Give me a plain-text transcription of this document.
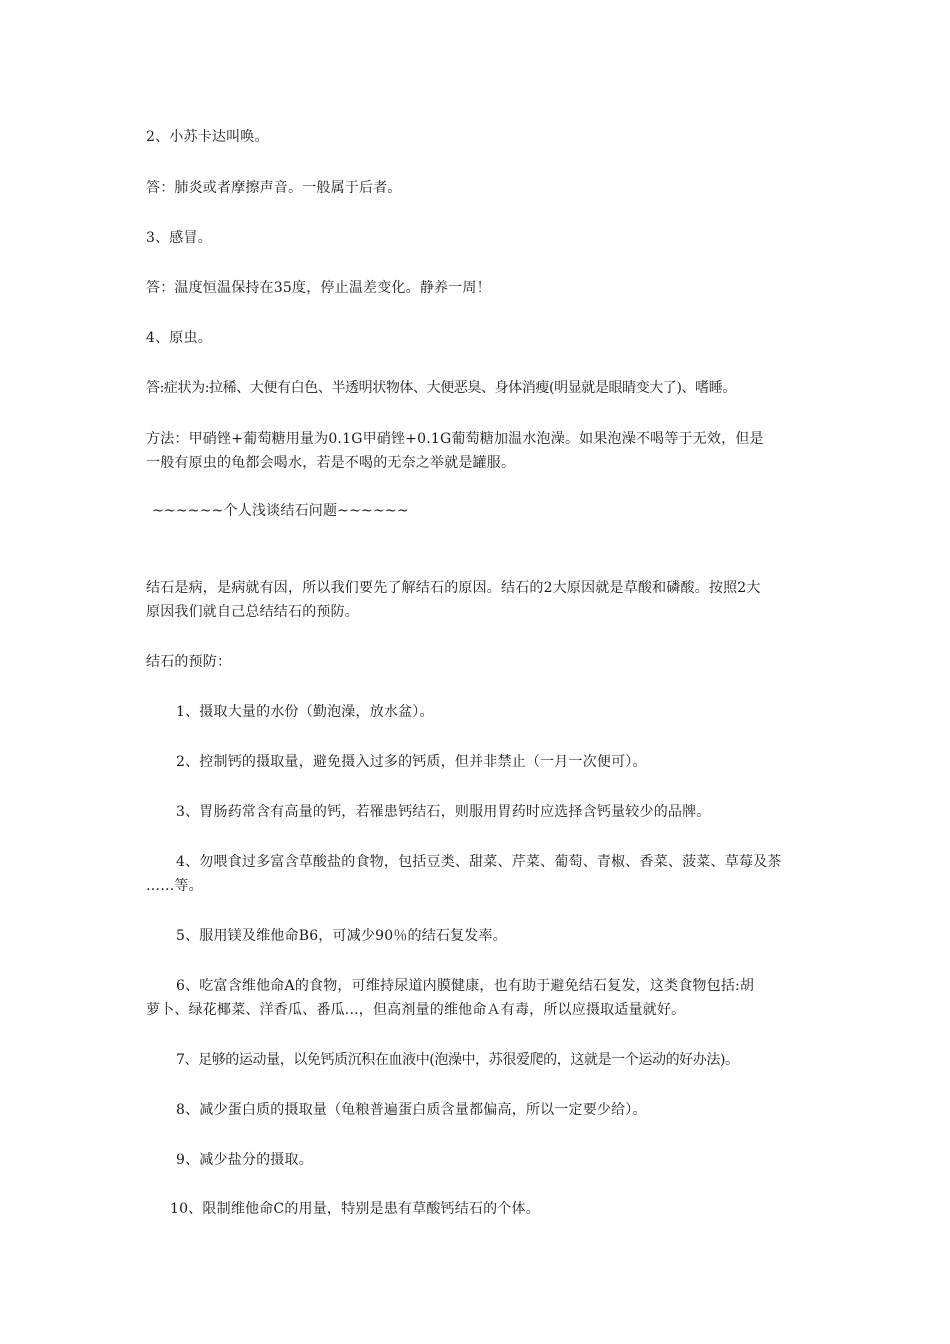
2、小苏卡达叫唤。
答：肺炎或者摩擦声音。一般属于后者。
3、感冒。
答：温度恒温保持在35度，停止温差变化。静养一周！
4、原虫。
答:症状为:拉稀、大便有白色、半透明状物体、大便恶臭、身体消瘦(明显就是眼睛变大了)、嗜睡。
方法：甲硝锉+葡萄糖用量为0.1G甲硝锉+0.1G葡萄糖加温水泡澡。如果泡澡不喝等于无效，但是
一般有原虫的龟都会喝水，若是不喝的无奈之举就是罐服。
~~~~~~个人浅谈结石问题~~~~~~
结石是病，是病就有因，所以我们要先了解结石的原因。结石的2大原因就是草酸和磷酸。按照2大
原因我们就自己总结结石的预防。
结石的预防：
1、摄取大量的水份（勤泡澡，放水盆）。
2、控制钙的摄取量，避免摄入过多的钙质，但并非禁止（一月一次便可）。
3、胃肠药常含有高量的钙，若罹患钙结石，则服用胃药时应选择含钙量较少的品牌。
4、勿喂食过多富含草酸盐的食物，包括豆类、甜菜、芹菜、葡萄、青椒、香菜、菠菜、草莓及茶
……等。
5、服用镁及维他命B6，可减少90％的结石复发率。
6、吃富含维他命A的食物，可维持尿道内膜健康，也有助于避免结石复发，这类食物包括:胡
萝卜、绿花椰菜、洋香瓜、番瓜...，但高剂量的维他命Ａ有毒，所以应摄取适量就好。
7、足够的运动量，以免钙质沉积在血液中(泡澡中，苏很爱爬的，这就是一个运动的好办法)。
8、减少蛋白质的摄取量（龟粮普遍蛋白质含量都偏高，所以一定要少给）。
9、减少盐分的摄取。
10、限制维他命C的用量，特别是患有草酸钙结石的个体。
